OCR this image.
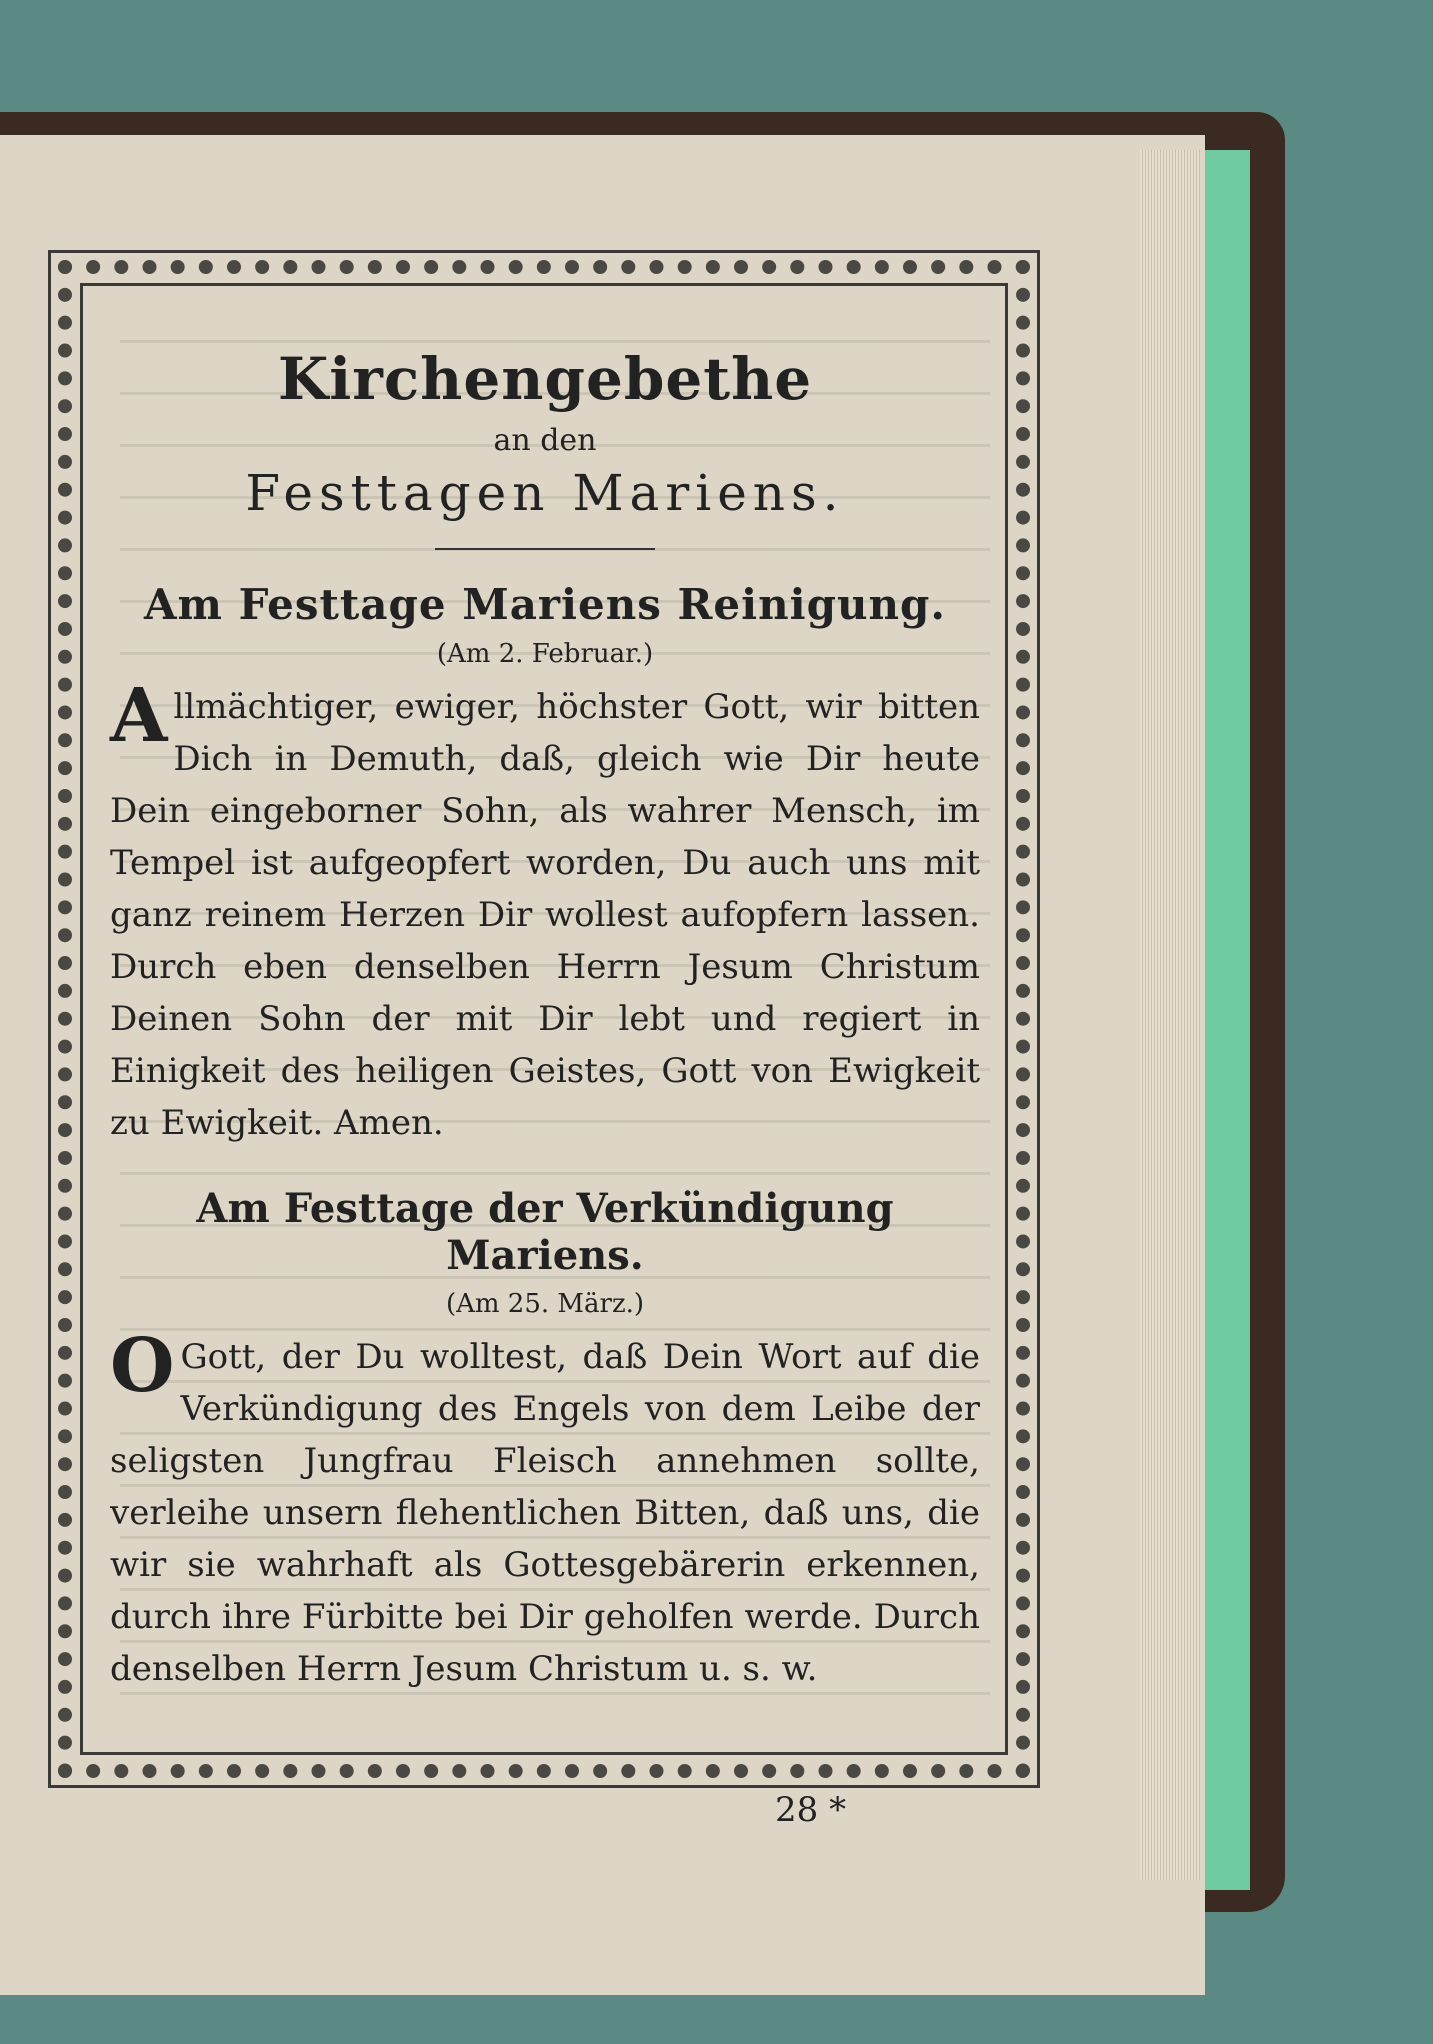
Kirchengebethe

an den

Festtagen Mariens.

Am Festtage Mariens Reinigung.

(Am 2. Februar.)

Allmächtiger, ewiger, höchster Gott, wir bitten Dich in Demuth, daß, gleich wie Dir heute Dein eingeborner Sohn, als wahrer Mensch, im Tempel ist aufgeopfert worden, Du auch uns mit ganz reinem Herzen Dir wollest aufopfern lassen. Durch eben denselben Herrn Jesum Christum Deinen Sohn der mit Dir lebt und regiert in Einigkeit des heiligen Geistes, Gott von Ewigkeit zu Ewigkeit. Amen.

Am Festtage der Verkündigung Mariens.

(Am 25. März.)

O Gott, der Du wolltest, daß Dein Wort auf die Verkündigung des Engels von dem Leibe der seligsten Jungfrau Fleisch annehmen sollte, verleihe unsern flehentlichen Bitten, daß uns, die wir sie wahrhaft als Gottesgebärerin erkennen, durch ihre Fürbitte bei Dir geholfen werde. Durch denselben Herrn Jesum Christum u. s. w.

28 *
